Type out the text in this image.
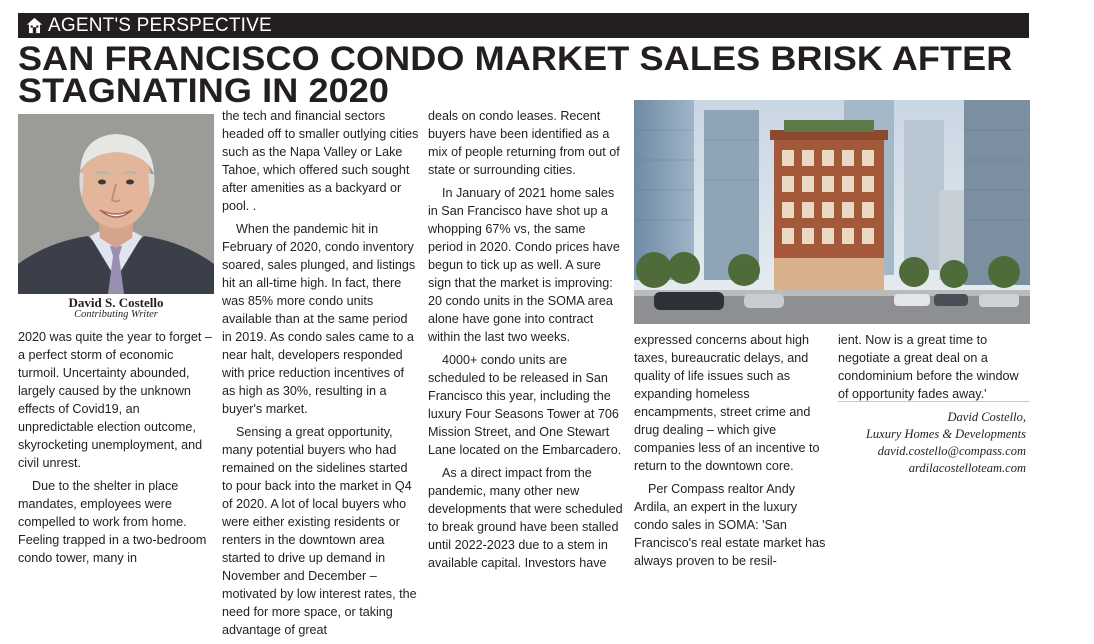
AGENT'S PERSPECTIVE
SAN FRANCISCO CONDO MARKET SALES BRISK AFTER
STAGNATING IN 2020
David S. Costello
Contributing Writer

2020 was quite the year to forget – a perfect storm of economic turmoil. Uncertainty abounded, largely caused by the unknown effects of Covid19, an unpredictable election outcome, skyrocketing unemployment, and civil unrest.

Due to the shelter in place mandates, employees were compelled to work from home. Feeling trapped in a two-bedroom condo tower, many in

the tech and financial sectors headed off to smaller outlying cities such as the Napa Valley or Lake Tahoe, which offered such sought after amenities as a backyard or pool. .

When the pandemic hit in February of 2020, condo inventory soared, sales plunged, and listings hit an all-time high. In fact, there was 85% more condo units available than at the same period in 2019. As condo sales came to a near halt, developers responded with price reduction incentives of as high as 30%, resulting in a buyer's market.

Sensing a great opportunity, many potential buyers who had remained on the sidelines started to pour back into the market in Q4 of 2020. A lot of local buyers who were either existing residents or renters in the downtown area started to drive up demand in November and December – motivated by low interest rates, the need for more space, or taking advantage of great

deals on condo leases. Recent buyers have been identified as a mix of people returning from out of state or surrounding cities.

In January of 2021 home sales in San Francisco have shot up a whopping 67% vs, the same period in 2020. Condo prices have begun to tick up as well. A sure sign that the market is improving: 20 condo units in the SOMA area alone have gone into contract within the last two weeks.

4000+ condo units are scheduled to be released in San Francisco this year, including the luxury Four Seasons Tower at 706 Mission Street, and One Stewart Lane located on the Embarcadero.

As a direct impact from the pandemic, many other new developments that were scheduled to break ground have been stalled until 2022-2023 due to a stem in available capital. Investors have

expressed concerns about high taxes, bureaucratic delays, and quality of life issues such as expanding homeless encampments, street crime and drug dealing – which give companies less of an incentive to return to the downtown core.

Per Compass realtor Andy Ardila, an expert in the luxury condo sales in SOMA: 'San Francisco's real estate market has always proven to be resil-

ient. Now is a great time to negotiate a great deal on a condominium before the window of opportunity fades away.'

David Costello,
Luxury Homes & Developments
david.costello@compass.com
ardilacostelloteam.com
